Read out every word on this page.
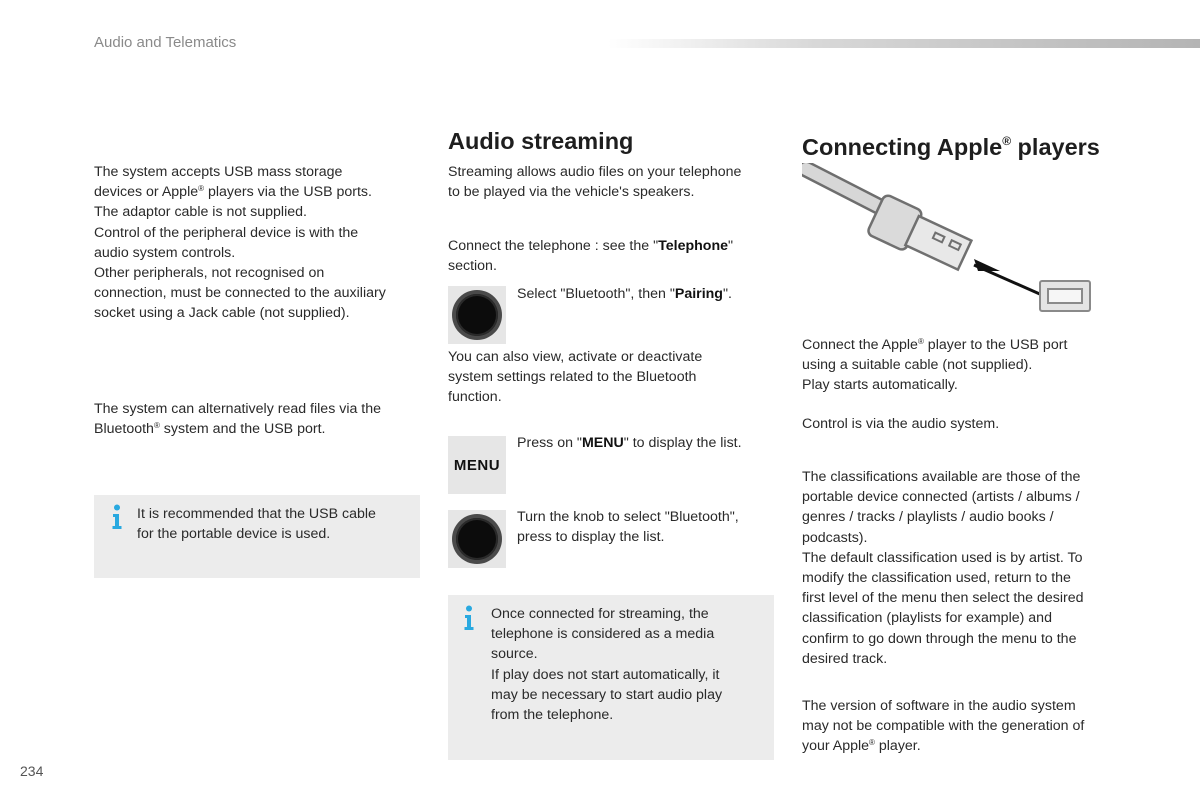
Audio and Telematics

The system accepts USB mass storage

devices or Apple® players via the USB ports.

The adaptor cable is not supplied.

Control of the peripheral device is with the

audio system controls.

Other peripherals, not recognised on

connection, must be connected to the auxiliary

socket using a Jack cable (not supplied).

The system can alternatively read files via the

Bluetooth® system and the USB port.

It is recommended that the USB cable

for the portable device is used.

Audio streaming

Streaming allows audio files on your telephone

to be played via the vehicle's speakers.

Connect the telephone : see the "Telephone"

section.

Select "Bluetooth", then "Pairing".

You can also view, activate or deactivate

system settings related to the Bluetooth

function.

MENU

Press on "MENU" to display the list.

Turn the knob to select "Bluetooth",

press to display the list.

Once connected for streaming, the

telephone is considered as a media

source.

If play does not start automatically, it

may be necessary to start audio play

from the telephone.

Connecting Apple® players

Connect the Apple® player to the USB port

using a suitable cable (not supplied).

Play starts automatically.

Control is via the audio system.

The classifications available are those of the

portable device connected (artists / albums /

genres / tracks / playlists / audio books /

podcasts).

The default classification used is by artist. To

modify the classification used, return to the

first level of the menu then select the desired

classification (playlists for example) and

confirm to go down through the menu to the

desired track.

The version of software in the audio system

may not be compatible with the generation of

your Apple® player.

234
